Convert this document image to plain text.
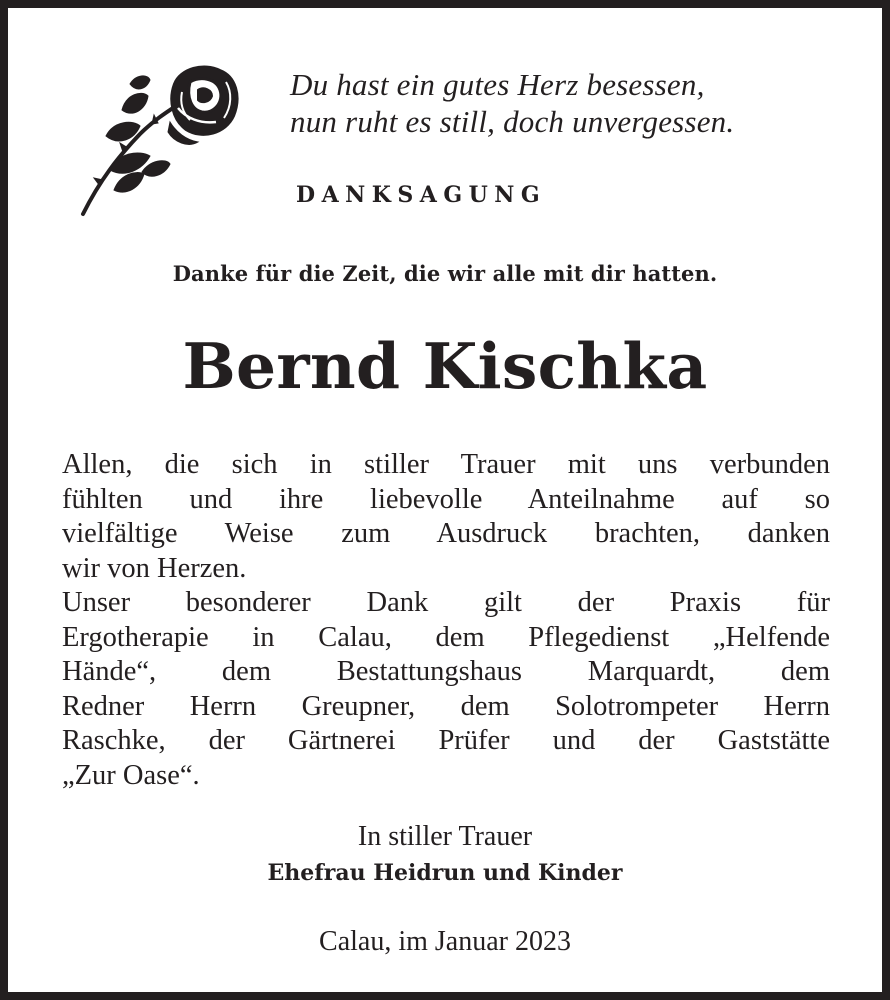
Du hast ein gutes Herz besessen,
nun ruht es still, doch unvergessen.
DANKSAGUNG
Danke für die Zeit, die wir alle mit dir hatten.
Bernd Kischka
Allen, die sich in stiller Trauer mit uns verbunden
fühlten und ihre liebevolle Anteilnahme auf so
vielfältige Weise zum Ausdruck brachten, danken
wir von Herzen.
Unser besonderer Dank gilt der Praxis für
Ergotherapie in Calau, dem Pflegedienst „Helfende
Hände“, dem Bestattungshaus Marquardt, dem
Redner Herrn Greupner, dem Solotrompeter Herrn
Raschke, der Gärtnerei Prüfer und der Gaststätte
„Zur Oase“.
In stiller Trauer
Ehefrau Heidrun und Kinder
Calau, im Januar 2023
